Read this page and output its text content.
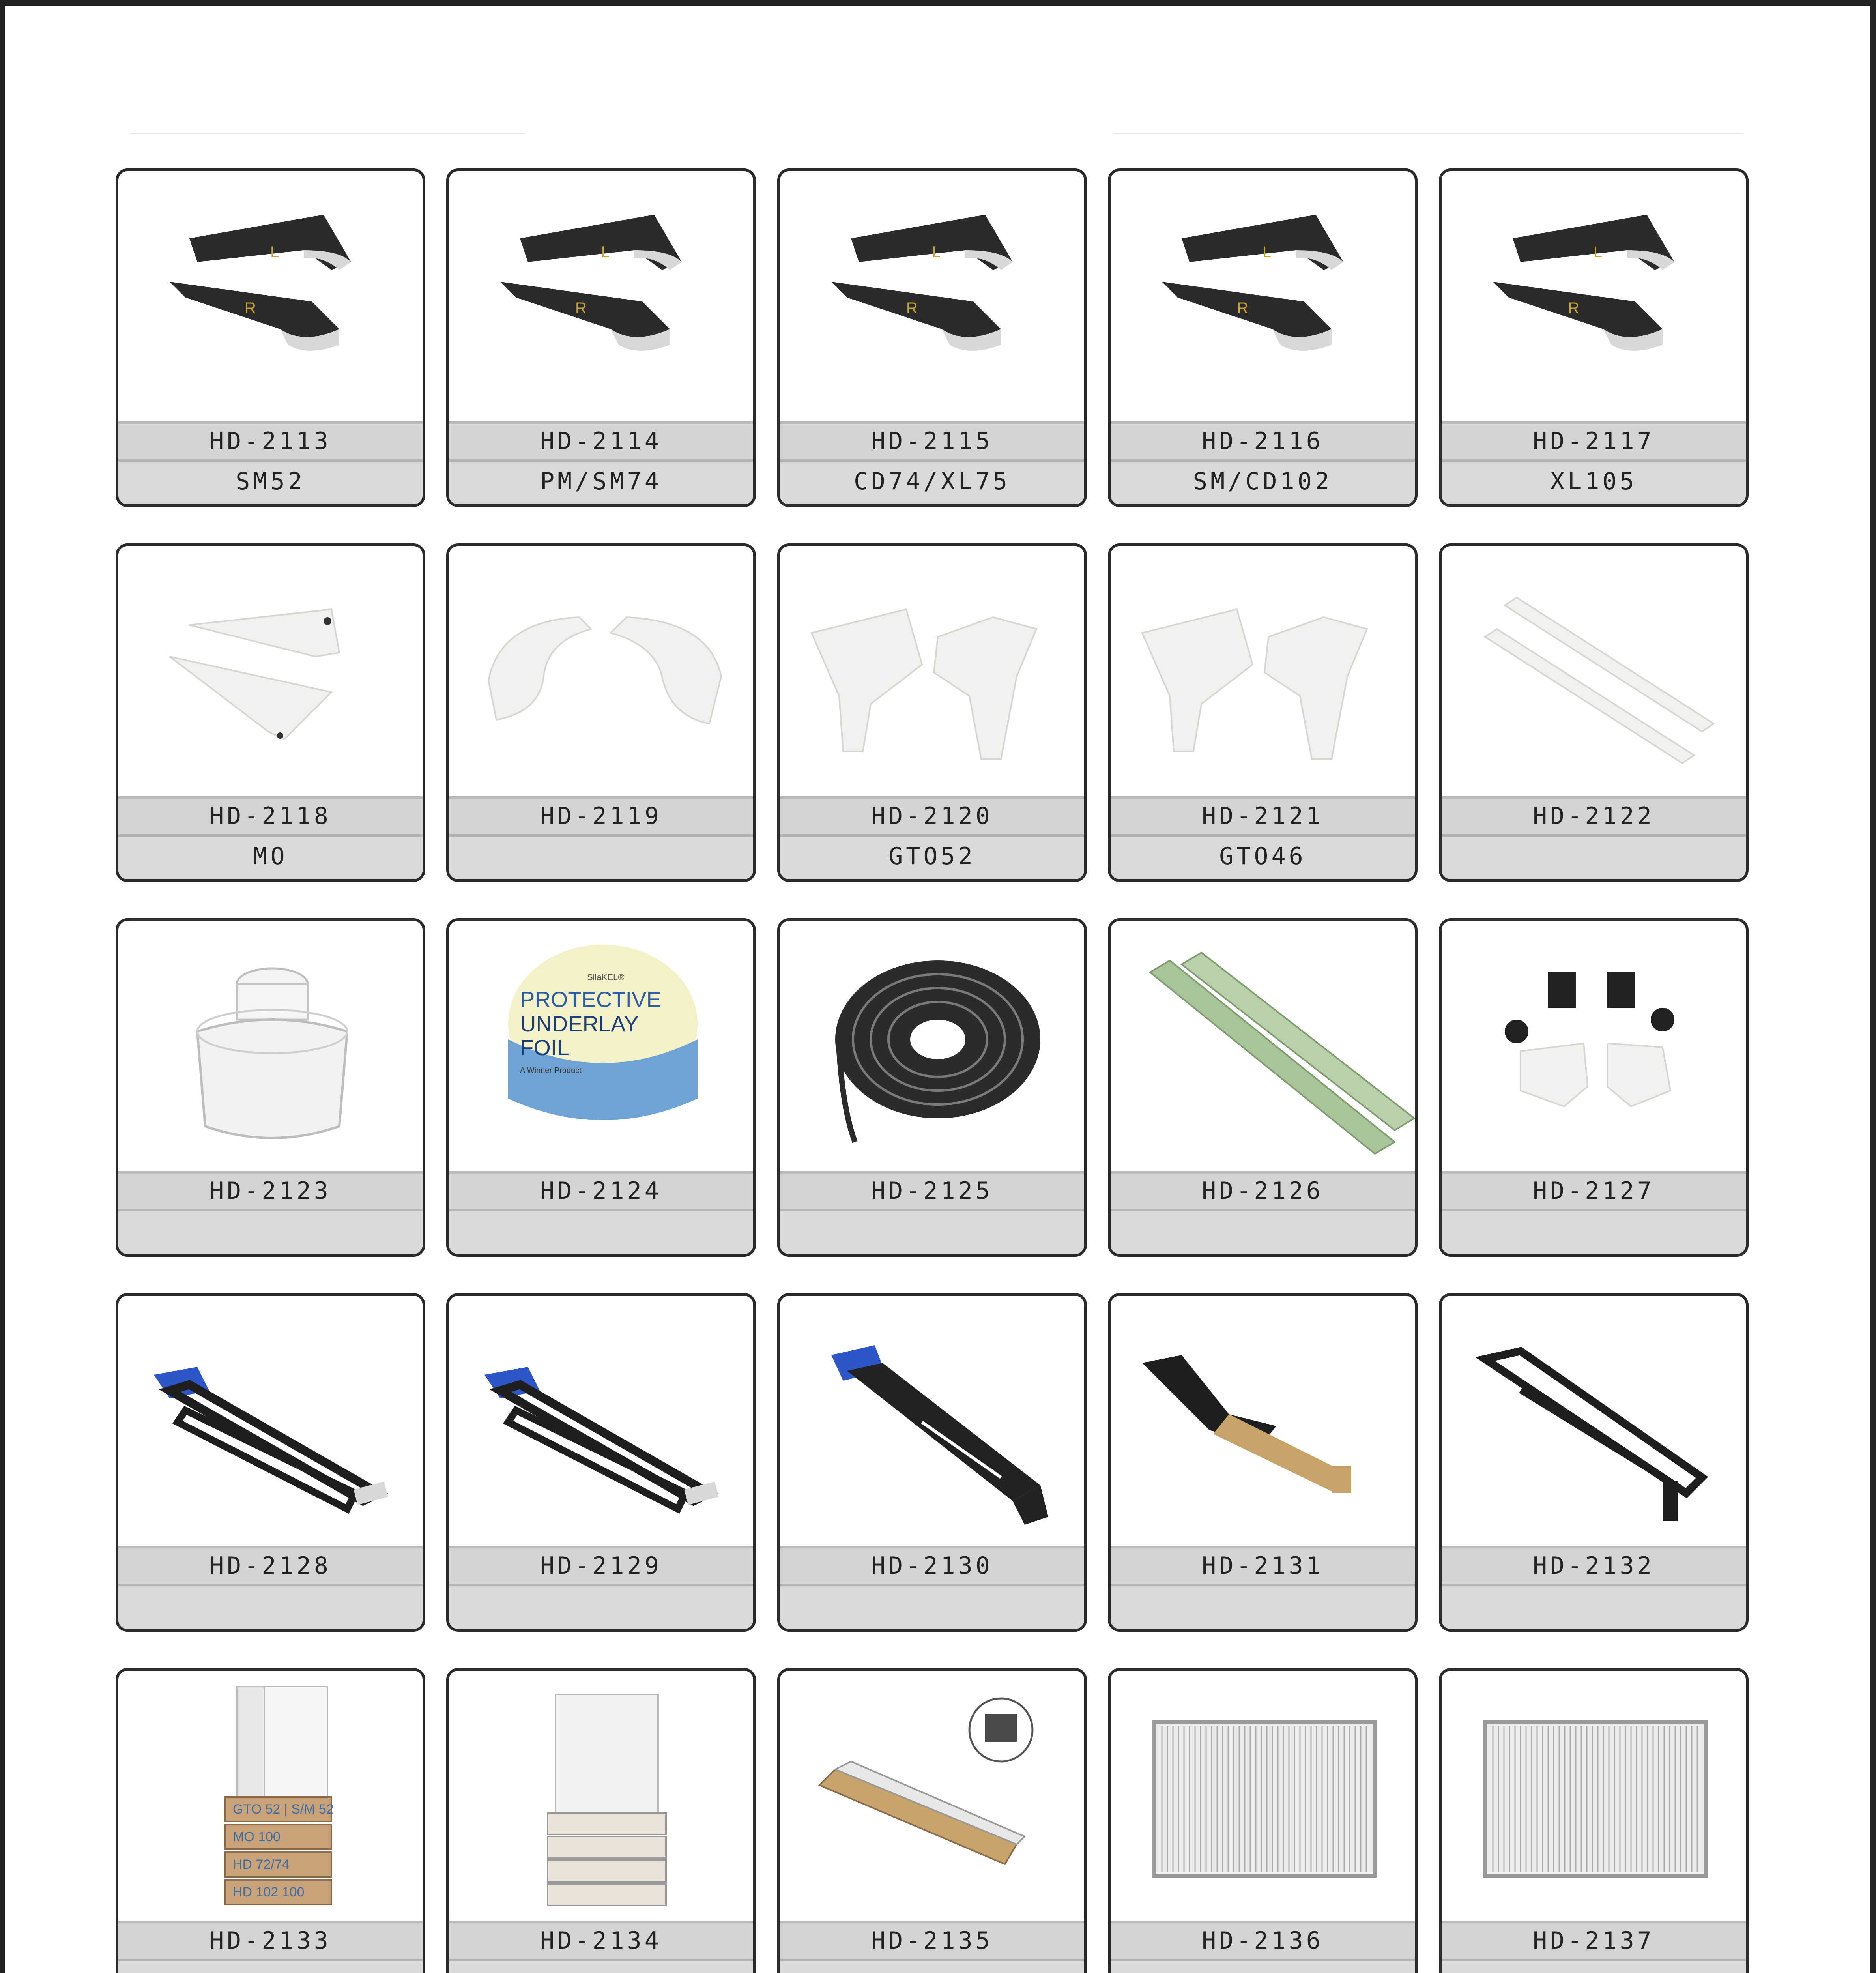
L
R
HD-2113
SM52
L
R
HD-2114
PM/SM74
L
R
HD-2115
CD74/XL75
L
R
HD-2116
SM/CD102
L
R
HD-2117
XL105
HD-2118
MO
HD-2119	HD-2120
GTO52
HD-2121
GTO46
HD-2122
HD-2123
SilaKEL®
PROTECTIVE
UNDERLAY
FOIL
A Winner Product
HD-2124	HD-2125	HD-2126	HD-2127
HD-2128	HD-2129	HD-2130	HD-2131	HD-2132
GTO 52 | S/M 52
MO 100
HD 72/74
HD 102 100
HD-2133	HD-2134	HD-2135	HD-2136	HD-2137
